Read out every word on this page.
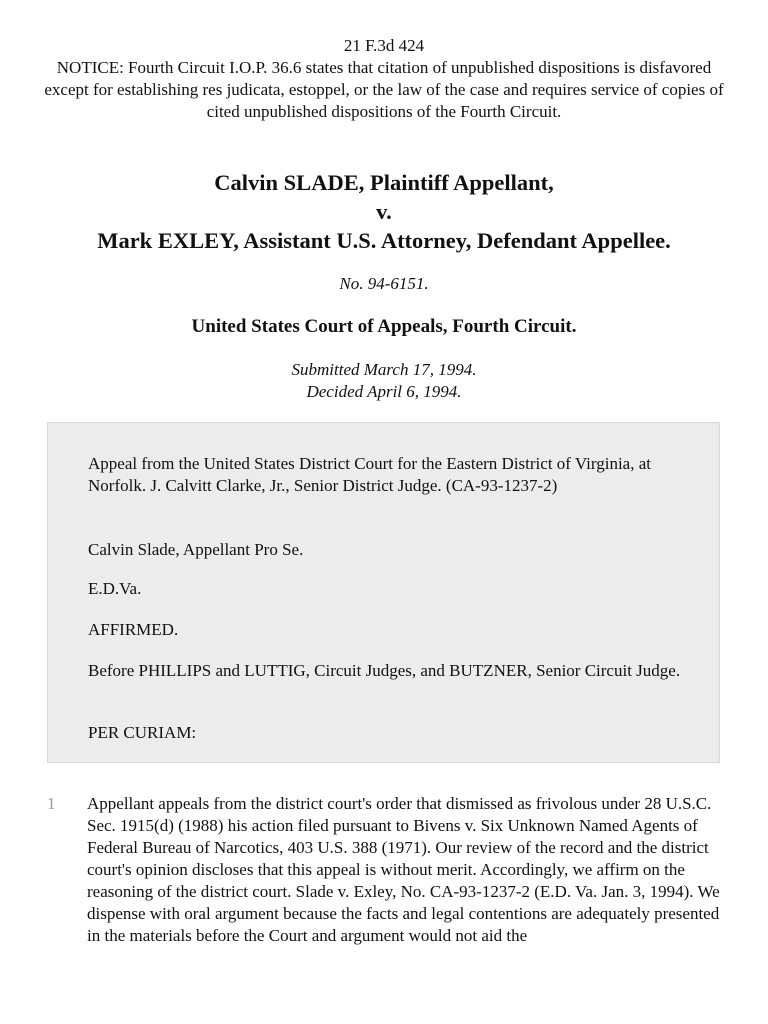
21 F.3d 424
NOTICE: Fourth Circuit I.O.P. 36.6 states that citation of unpublished dispositions is disfavored except for establishing res judicata, estoppel, or the law of the case and requires service of copies of cited unpublished dispositions of the Fourth Circuit.
Calvin SLADE, Plaintiff Appellant,
v.
Mark EXLEY, Assistant U.S. Attorney, Defendant Appellee.
No. 94-6151.
United States Court of Appeals, Fourth Circuit.
Submitted March 17, 1994.
Decided April 6, 1994.

Appeal from the United States District Court for the Eastern District of Virginia, at Norfolk. J. Calvitt Clarke, Jr., Senior District Judge. (CA-93-1237-2)

Calvin Slade, Appellant Pro Se.

E.D.Va.

AFFIRMED.

Before PHILLIPS and LUTTIG, Circuit Judges, and BUTZNER, Senior Circuit Judge.

PER CURIAM:

1 Appellant appeals from the district court's order that dismissed as frivolous under 28 U.S.C. Sec. 1915(d) (1988) his action filed pursuant to Bivens v. Six Unknown Named Agents of Federal Bureau of Narcotics, 403 U.S. 388 (1971). Our review of the record and the district court's opinion discloses that this appeal is without merit. Accordingly, we affirm on the reasoning of the district court. Slade v. Exley, No. CA-93-1237-2 (E.D. Va. Jan. 3, 1994). We dispense with oral argument because the facts and legal contentions are adequately presented in the materials before the Court and argument would not aid the
